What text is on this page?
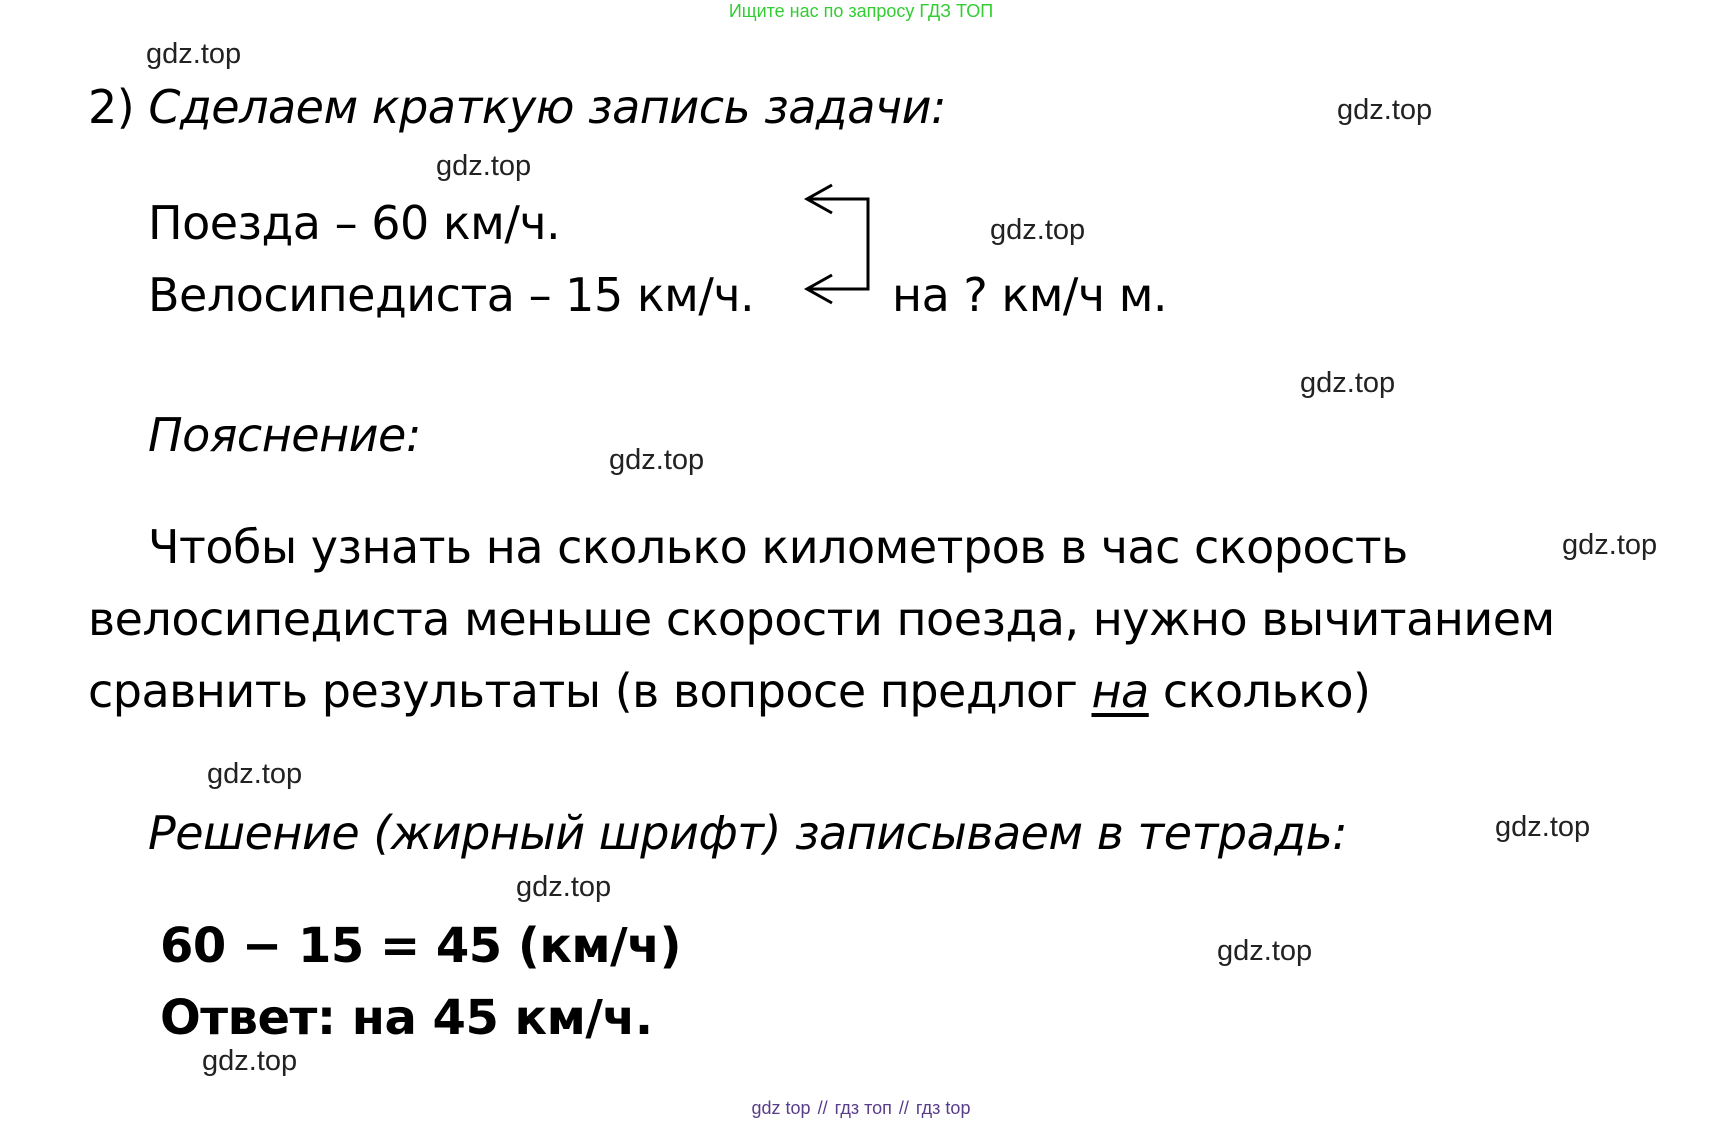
Ищите нас по запросу ГДЗ ТОП
gdz.top
gdz.top
gdz.top
gdz.top
gdz.top
gdz.top
gdz.top
gdz.top
gdz.top
gdz.top
gdz.top
gdz.top
2) Сделаем краткую запись задачи:
Поезда – 60 км/ч.
Велосипедиста – 15 км/ч.	на ? км/ч м.
Пояснение:
Чтобы узнать на сколько километров в час скорость
велосипедиста меньше скорости поезда, нужно вычитанием
сравнить результаты (в вопросе предлог на сколько)
Решение (жирный шрифт) записываем в тетрадь:
60 − 15 = 45 (км/ч)
Ответ: на 45 км/ч.
gdz top // гдз топ // гдз top
